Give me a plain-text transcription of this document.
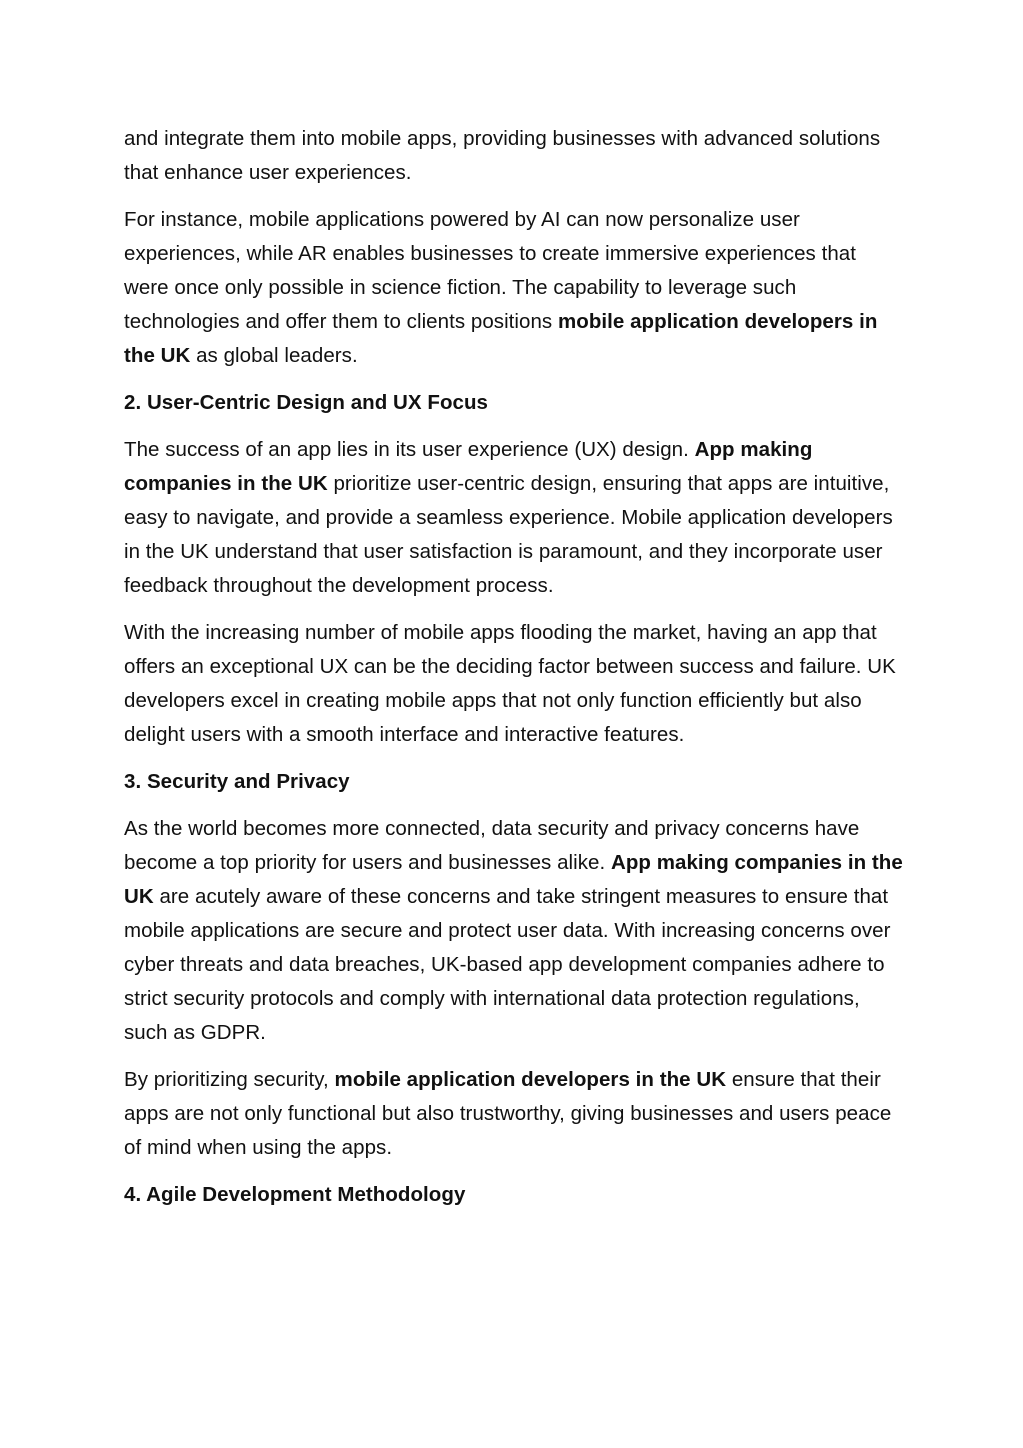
and integrate them into mobile apps, providing businesses with advanced solutions that enhance user experiences.

For instance, mobile applications powered by AI can now personalize user experiences, while AR enables businesses to create immersive experiences that were once only possible in science fiction. The capability to leverage such technologies and offer them to clients positions mobile application developers in the UK as global leaders.

2. User-Centric Design and UX Focus

The success of an app lies in its user experience (UX) design. App making companies in the UK prioritize user-centric design, ensuring that apps are intuitive, easy to navigate, and provide a seamless experience. Mobile application developers in the UK understand that user satisfaction is paramount, and they incorporate user feedback throughout the development process.

With the increasing number of mobile apps flooding the market, having an app that offers an exceptional UX can be the deciding factor between success and failure. UK developers excel in creating mobile apps that not only function efficiently but also delight users with a smooth interface and interactive features.

3. Security and Privacy

As the world becomes more connected, data security and privacy concerns have become a top priority for users and businesses alike. App making companies in the UK are acutely aware of these concerns and take stringent measures to ensure that mobile applications are secure and protect user data. With increasing concerns over cyber threats and data breaches, UK-based app development companies adhere to strict security protocols and comply with international data protection regulations, such as GDPR.

By prioritizing security, mobile application developers in the UK ensure that their apps are not only functional but also trustworthy, giving businesses and users peace of mind when using the apps.

4. Agile Development Methodology
